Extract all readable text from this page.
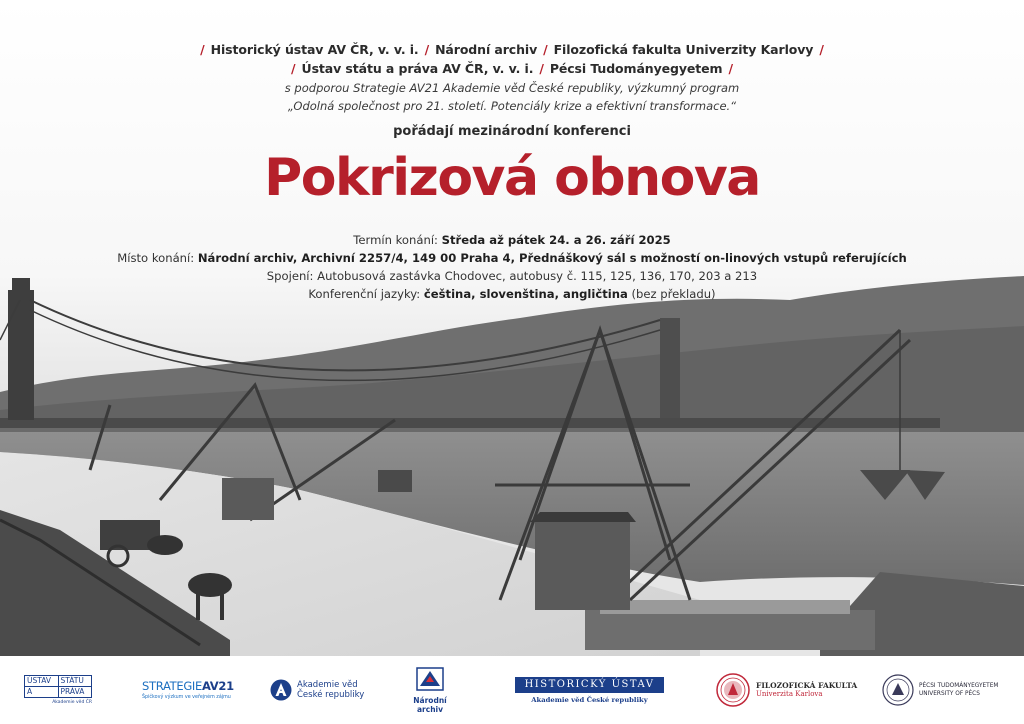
/ Historický ústav AV ČR, v. v. i. / Národní archiv / Filozofická fakulta Univerzity Karlovy /
/ Ústav státu a práva AV ČR, v. v. i. / Pécsi Tudományegyetem /
s podporou Strategie AV21 Akademie věd České republiky, výzkumný program
„Odolná společnost pro 21. století. Potenciály krize a efektivní transformace.“
pořádají mezinárodní konferenci
Pokrizová obnova
Termín konání: Středa až pátek 24. a 26. září 2025
Místo konání: Národní archiv, Archivní 2257/4, 149 00 Praha 4, Přednáškový sál s možností on-linových vstupů referujících
Spojení: Autobusová zastávka Chodovec, autobusy č. 115, 125, 136, 170, 203 a 213
Konferenční jazyky: čeština, slovenština, angličtina (bez překladu)
ÚSTAV	STÁTU
A	PRÁVA
Akademie věd ČR
STRATEGIEAV21
Špičkový výzkum ve veřejném zájmu
Akademie věd
České republiky	Národní archiv
HISTORICKÝ ÚSTAV
Akademie věd České republiky
FILOZOFICKÁ FAKULTA
Univerzita Karlova
PÉCSI TUDOMÁNYEGYETEM
UNIVERSITY OF PÉCS
